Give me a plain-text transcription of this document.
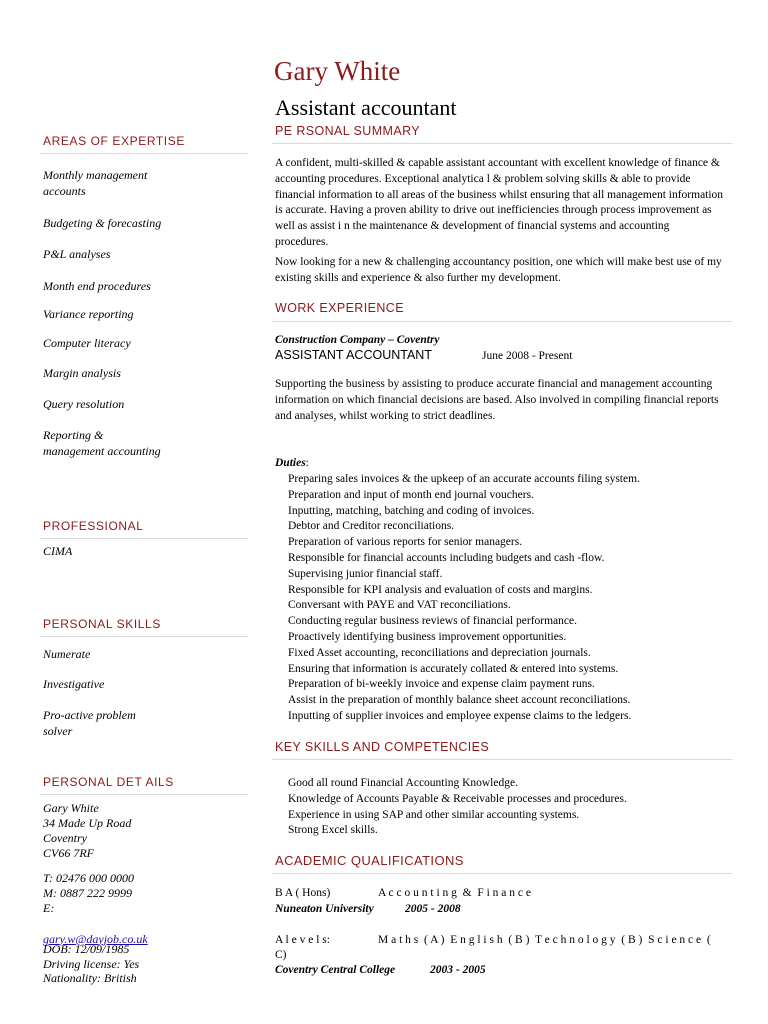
Gary White
Assistant accountant
AREAS OF EXPERTISE
Monthly management
accounts
Budgeting & forecasting
P&L analyses
Month end procedures
Variance reporting
Computer literacy
Margin analysis
Query resolution
Reporting &
management accounting
PROFESSIONAL
CIMA
PERSONAL SKILLS
Numerate
Investigative
Pro-active problem
solver
PERSONAL DET AILS
Gary White
34 Made Up Road
Coventry
CV66 7RF
T: 02476 000 0000
M: 0887 222 9999
E:

gary.w@dayjob.co.uk

DOB: 12/09/1985
Driving license: Yes
Nationality: British
PE RSONAL SUMMARY
A confident, multi-skilled & capable assistant accountant with excellent knowledge of finance & accounting procedures. Exceptional analytica l & problem solving skills & able to provide financial information to all areas of the business whilst ensuring that all management information is accurate. Having a proven ability to drive out inefficiencies through process improvement as well as assist i n the maintenance & development of financial systems and accounting procedures.
Now looking for a new & challenging accountancy position, one which will make best use of my existing skills and experience & also further my development.
WORK EXPERIENCE
Construction Company – Coventry
ASSISTANT ACCOUNTANT	June 2008 - Present
Supporting the business by assisting to produce accurate financial and management accounting information on which financial decisions are based. Also involved in compiling financial reports and analyses, whilst working to strict deadlines.
Duties:
Preparing sales invoices & the upkeep of an accurate accounts filing system.
Preparation and input of month end journal vouchers.
Inputting, matching, batching and coding of invoices.
Debtor and Creditor reconciliations.
Preparation of various reports for senior managers.
Responsible for financial accounts including budgets and cash -flow.
Supervising junior financial staff.
Responsible for KPI analysis and evaluation of costs and margins.
Conversant with PAYE and VAT reconciliations.
Conducting regular business reviews of financial performance.
Proactively identifying business improvement opportunities.
Fixed Asset accounting, reconciliations and depreciation journals.
Ensuring that information is accurately collated & entered into systems.
Preparation of bi-weekly invoice and expense claim payment runs.
Assist in the preparation of monthly balance sheet account reconciliations.
Inputting of supplier invoices and employee expense claims to the ledgers.
KEY SKILLS AND COMPETENCIES
Good all round Financial Accounting Knowledge.
Knowledge of Accounts Payable & Receivable processes and procedures.
Experience in using SAP and other similar accounting systems.
Strong Excel skills.
ACADEMIC QUALIFICATIONS
B A ( Hons)	A c c o u n t i n g  &  F i n a n c e
Nuneaton University	2005 - 2008
A l e v e l s:	M a t h s  ( A )  E n g l i s h  ( B )  T e c h n o l o g y  ( B )  S c i e n c e  (
C)
Coventry Central College	2003 - 2005
